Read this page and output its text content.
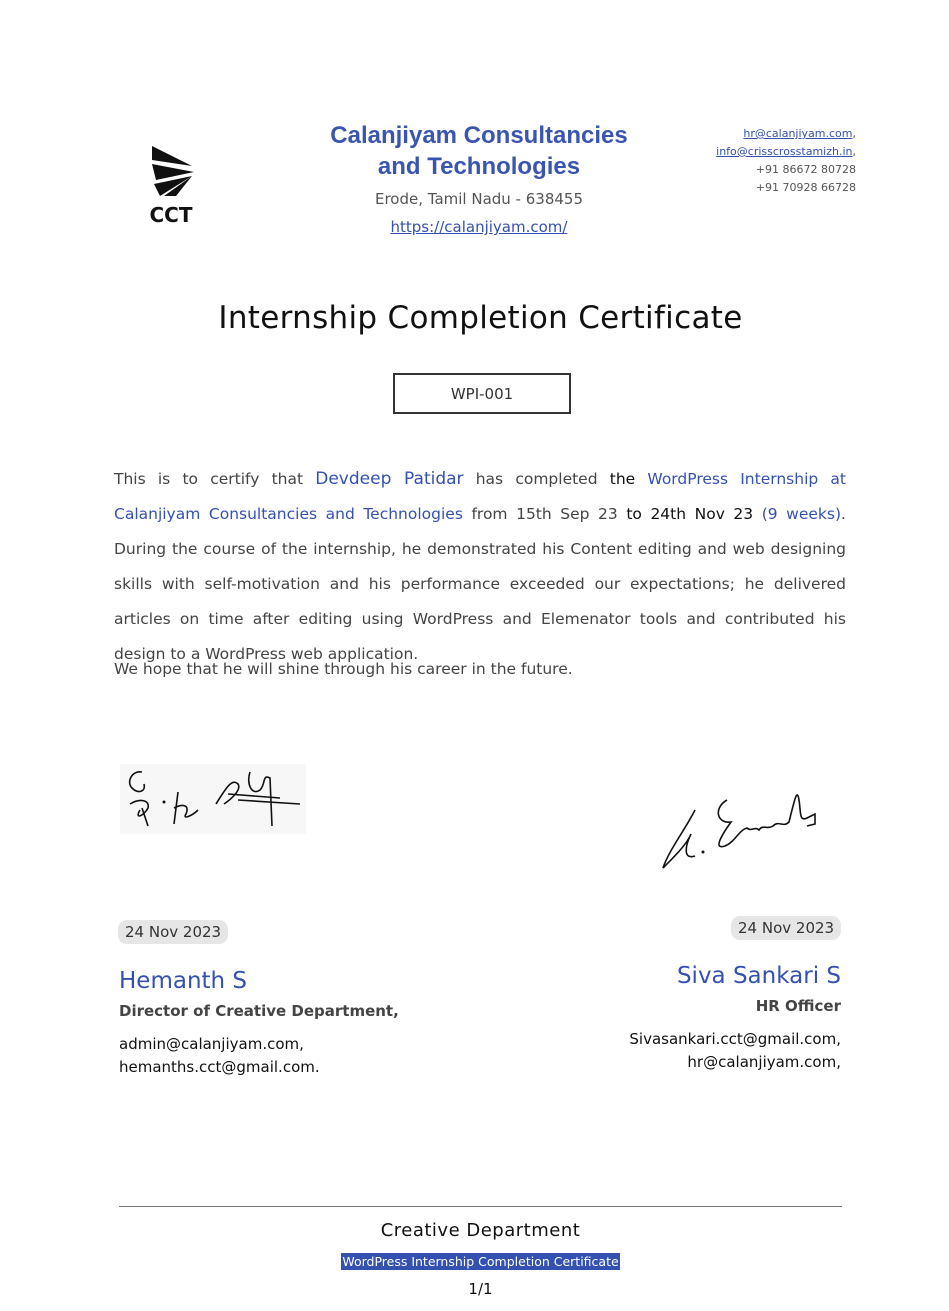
CCT
Calanjiyam Consultancies
and Technologies
Erode, Tamil Nadu - 638455
https://calanjiyam.com/
hr@calanjiyam.com,
info@crisscrosstamizh.in,
+91 86672 80728
+91 70928 66728
Internship Completion Certificate
WPI-001
This is to certify that Devdeep Patidar has completed the WordPress Internship at Calanjiyam Consultancies and Technologies from 15th Sep 23 to 24th Nov 23 (9 weeks). During the course of the internship, he demonstrated his Content editing and web designing skills with self-motivation and his performance exceeded our expectations; he delivered articles on time after editing using WordPress and Elemenator tools and contributed his design to a WordPress web application.
We hope that he will shine through his career in the future.
24 Nov 2023	24 Nov 2023
Hemanth S
Director of Creative Department,
admin@calanjiyam.com,
hemanths.cct@gmail.com.
Siva Sankari S
HR Officer
Sivasankari.cct@gmail.com,
hr@calanjiyam.com,
Creative Department
WordPress Internship Completion Certificate
1/1
